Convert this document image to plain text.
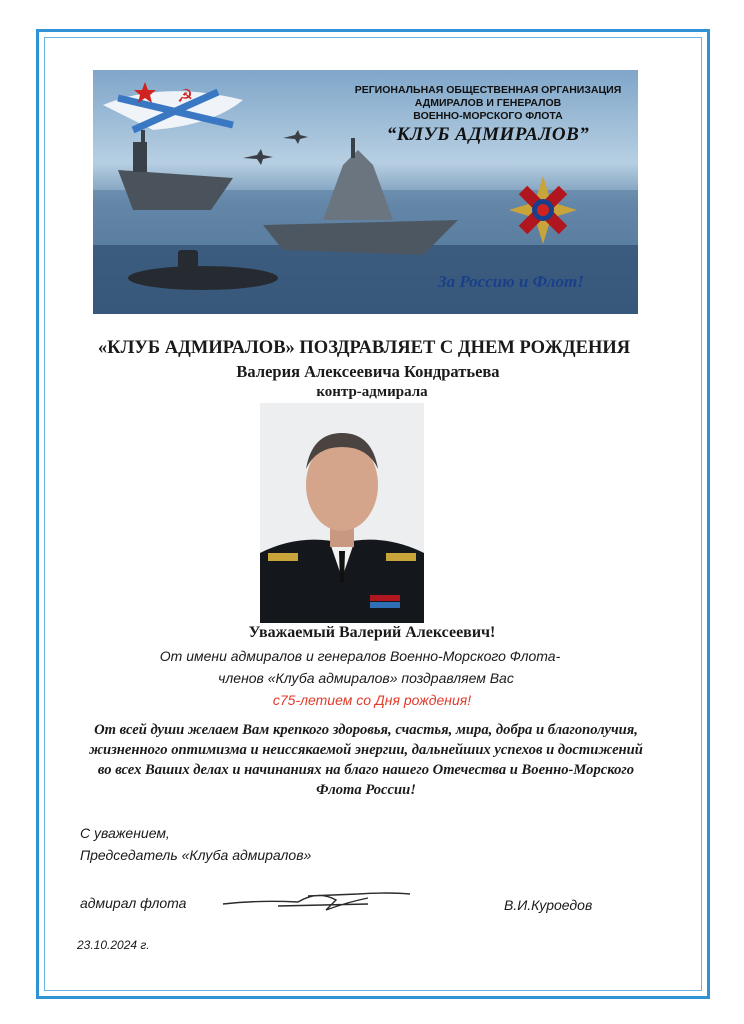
☭	РЕГИОНАЛЬНАЯ ОБЩЕСТВЕННАЯ ОРГАНИЗАЦИЯ
АДМИРАЛОВ И ГЕНЕРАЛОВ
ВОЕННО-МОРСКОГО ФЛОТА
“КЛУБ АДМИРАЛОВ”
За Россию и Флот!
«КЛУБ АДМИРАЛОВ» ПОЗДРАВЛЯЕТ С ДНЕМ РОЖДЕНИЯ
Валерия Алексеевича Кондратьева
контр-адмирала
Уважаемый Валерий Алексеевич!
От имени адмиралов и генералов Военно-Морского Флота-
членов «Клуба адмиралов» поздравляем Вас
с75-летием со Дня рождения!
От всей души желаем Вам крепкого здоровья, счастья, мира, добра и благополучия, жизненного оптимизма и неиссякаемой энергии, дальнейших успехов и достижений во всех Ваших делах и начинаниях на благо нашего Отечества и Военно-Морского Флота России!
С уважением,
Председатель «Клуба адмиралов»
адмирал флота	В.И.Куроедов
23.10.2024 г.
